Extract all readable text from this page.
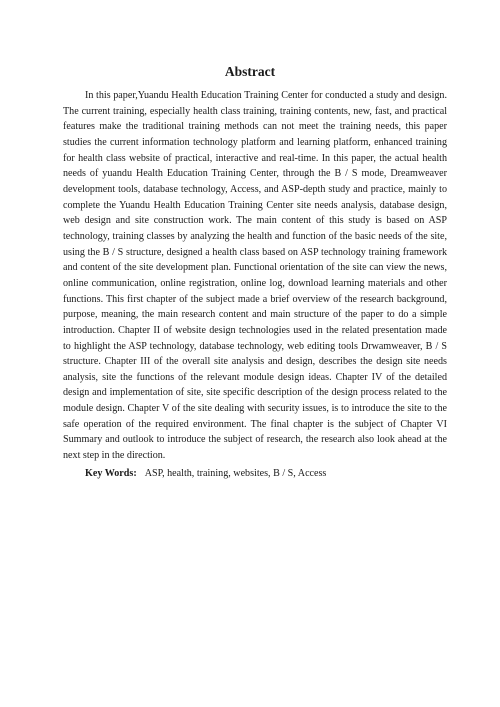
Abstract

In this paper,Yuandu Health Education Training Center for conducted a study and design. The current training, especially health class training, training contents, new, fast, and practical features make the traditional training methods can not meet the training needs, this paper studies the current information technology platform and learning platform, enhanced training for health class website of practical, interactive and real-time. In this paper, the actual health needs of yuandu Health Education Training Center, through the B / S mode, Dreamweaver development tools, database technology, Access, and ASP-depth study and practice, mainly to complete the Yuandu Health Education Training Center site needs analysis, database design, web design and site construction work. The main content of this study is based on ASP technology, training classes by analyzing the health and function of the basic needs of the site, using the B / S structure, designed a health class based on ASP technology training framework and content of the site development plan. Functional orientation of the site can view the news, online communication, online registration, online log, download learning materials and other functions. This first chapter of the subject made a brief overview of the research background, purpose, meaning, the main research content and main structure of the paper to do a simple introduction. Chapter II of website design technologies used in the related presentation made to highlight the ASP technology, database technology, web editing tools Drwamweaver, B / S structure. Chapter III of the overall site analysis and design, describes the design site needs analysis, site the functions of the relevant module design ideas. Chapter IV of the detailed design and implementation of site, site specific description of the design process related to the module design. Chapter V of the site dealing with security issues, is to introduce the site to the safe operation of the required environment. The final chapter is the subject of Chapter VI Summary and outlook to introduce the subject of research, the research also look ahead at the next step in the direction.

Key Words: ASP, health, training, websites, B / S, Access
